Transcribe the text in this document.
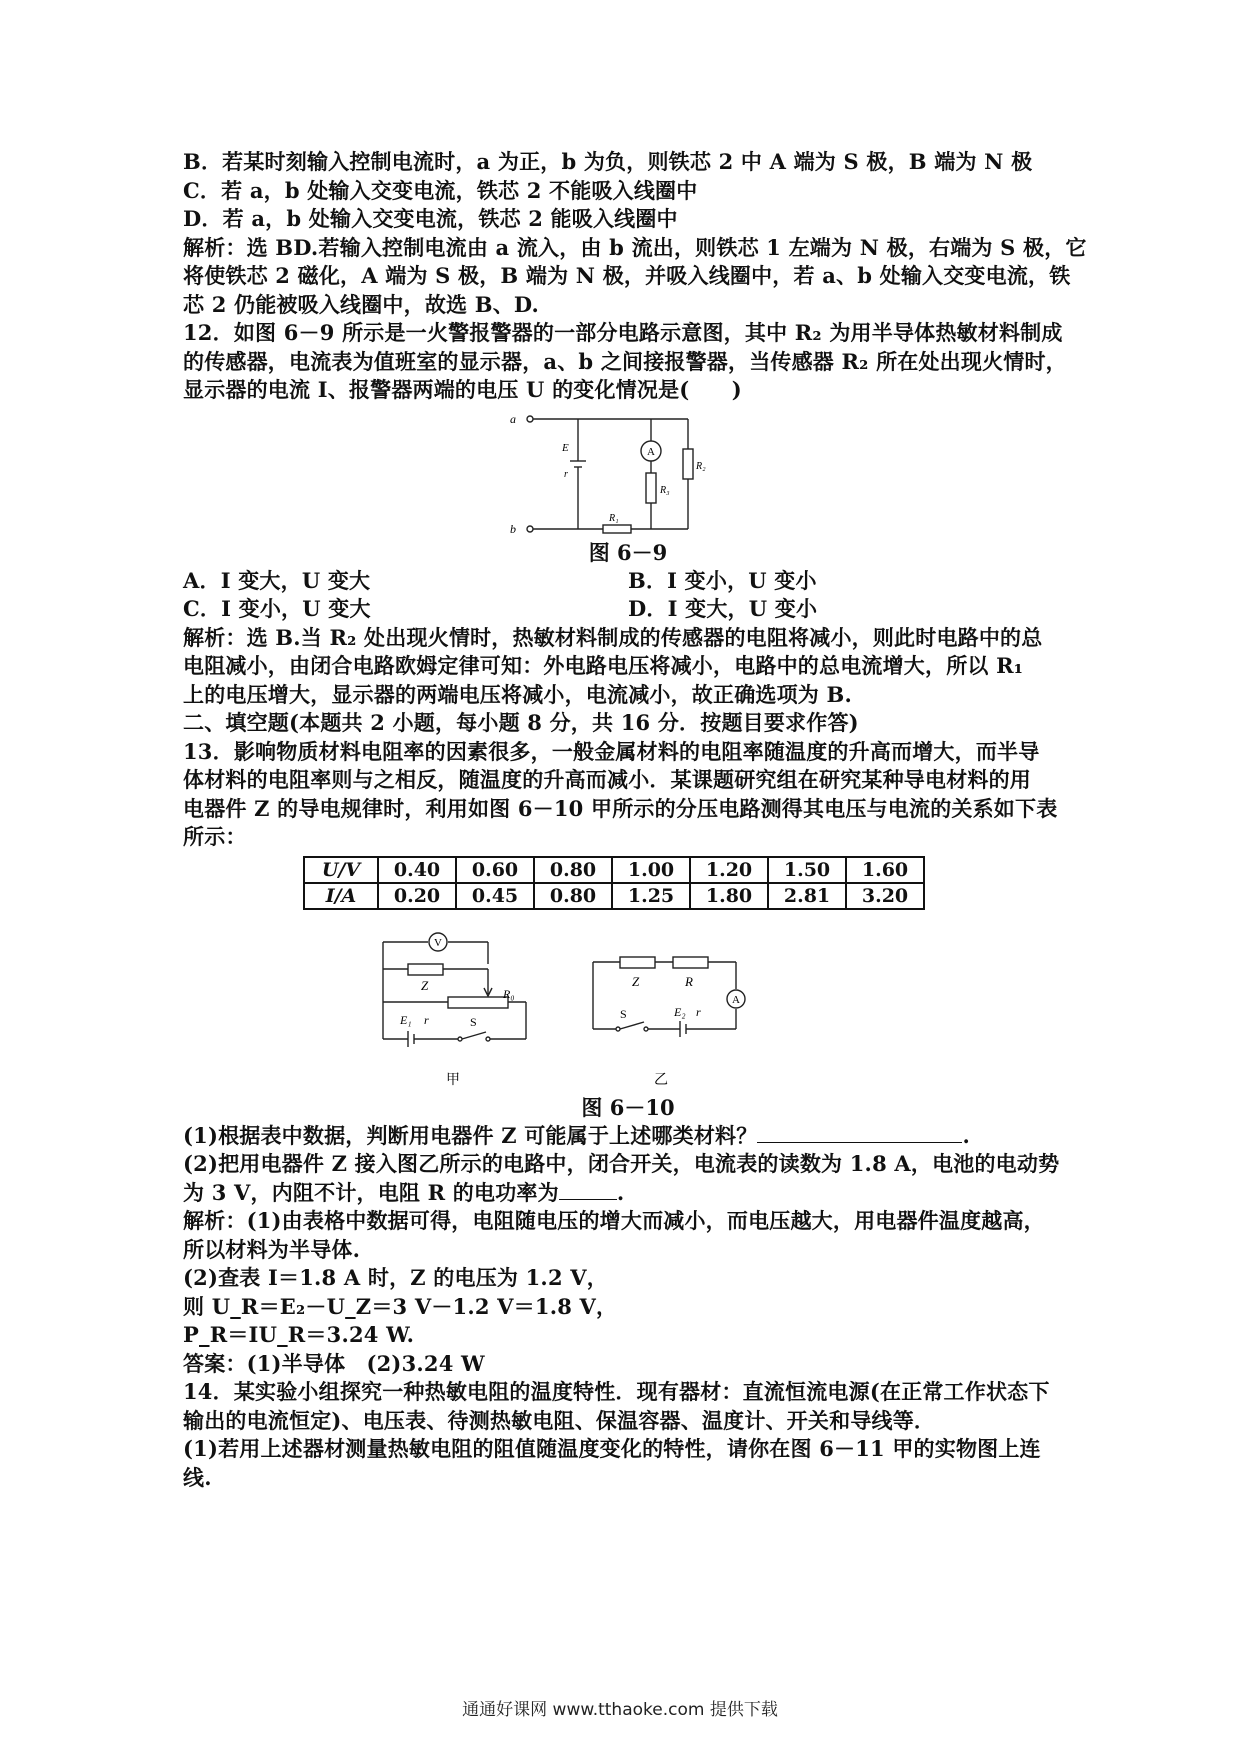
B．若某时刻输入控制电流时，a 为正，b 为负，则铁芯 2 中 A 端为 S 极，B 端为 N 极
C．若 a，b 处输入交变电流，铁芯 2 不能吸入线圈中
D．若 a，b 处输入交变电流，铁芯 2 能吸入线圈中
解析：选 BD.若输入控制电流由 a 流入，由 b 流出，则铁芯 1 左端为 N 极，右端为 S 极，它
将使铁芯 2 磁化，A 端为 S 极，B 端为 N 极，并吸入线圈中，若 a、b 处输入交变电流，铁
芯 2 仍能被吸入线圈中，故选 B、D.
12．如图 6－9 所示是一火警报警器的一部分电路示意图，其中 R₂ 为用半导体热敏材料制成
的传感器，电流表为值班室的显示器，a、b 之间接报警器，当传感器 R₂ 所在处出现火情时，
显示器的电流 I、报警器两端的电压 U 的变化情况是(　　)
a
b
E
r
A
R₁
R₂
R₃
图 6－9
A．I 变大，U 变大	B．I 变小，U 变小
C．I 变小，U 变大	D．I 变大，U 变小
解析：选 B.当 R₂ 处出现火情时，热敏材料制成的传感器的电阻将减小，则此时电路中的总
电阻减小，由闭合电路欧姆定律可知：外电路电压将减小，电路中的总电流增大，所以 R₁
上的电压增大，显示器的两端电压将减小，电流减小，故正确选项为 B.
二、填空题(本题共 2 小题，每小题 8 分，共 16 分．按题目要求作答)
13．影响物质材料电阻率的因素很多，一般金属材料的电阻率随温度的升高而增大，而半导
体材料的电阻率则与之相反，随温度的升高而减小．某课题研究组在研究某种导电材料的用
电器件 Z 的导电规律时，利用如图 6－10 甲所示的分压电路测得其电压与电流的关系如下表
所示：
U/V	0.40	0.60	0.80	1.00	1.20	1.50	1.60
I/A	0.20	0.45	0.80	1.25	1.80	2.81	3.20
V
Z
R₀
E₁ r	S
甲
Z	R
A
S	E₂ r
乙
图 6－10
(1)根据表中数据，判断用电器件 Z 可能属于上述哪类材料？	.
(2)把用电器件 Z 接入图乙所示的电路中，闭合开关，电流表的读数为 1.8 A，电池的电动势
为 3 V，内阻不计，电阻 R 的电功率为	.
解析：(1)由表格中数据可得，电阻随电压的增大而减小，而电压越大，用电器件温度越高，
所以材料为半导体.
(2)查表 I＝1.8 A 时，Z 的电压为 1.2 V，
则 U_R＝E₂－U_Z＝3 V－1.2 V＝1.8 V，
P_R＝IU_R＝3.24 W.
答案：(1)半导体　(2)3.24 W
14．某实验小组探究一种热敏电阻的温度特性．现有器材：直流恒流电源(在正常工作状态下
输出的电流恒定)、电压表、待测热敏电阻、保温容器、温度计、开关和导线等．
(1)若用上述器材测量热敏电阻的阻值随温度变化的特性，请你在图 6－11 甲的实物图上连
线.
通通好课网 www.tthaoke.com 提供下载
